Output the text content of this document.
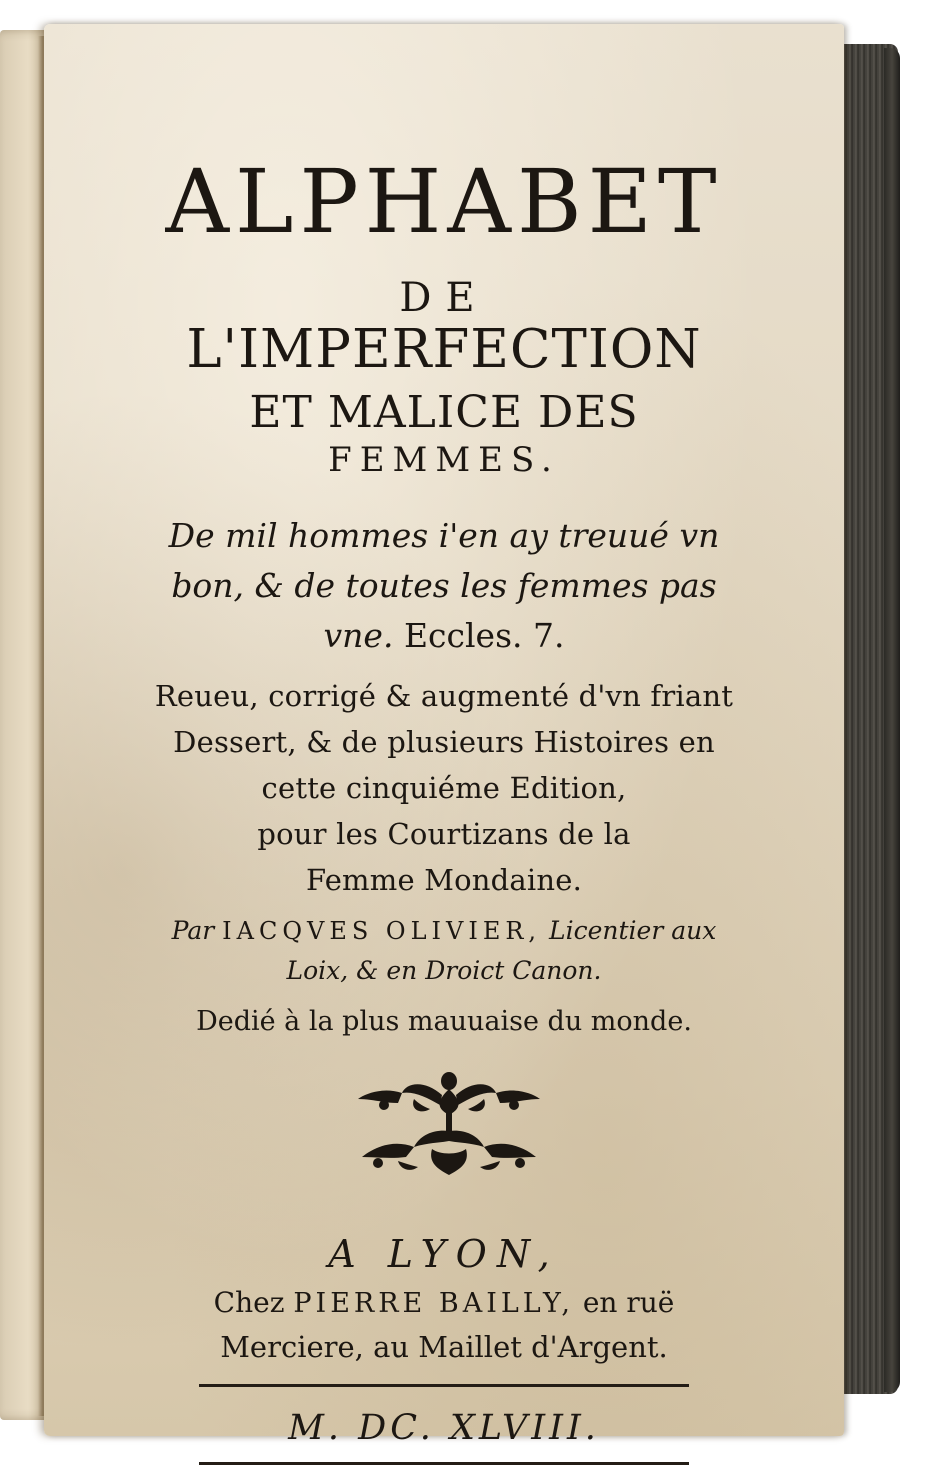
ALPHABET
DE
L'IMPERFECTION
ET MALICE DES
FEMMES.
De mil hommes i'en ay treuué vn
bon, & de toutes les femmes pas
vne. Eccles. 7.
Reueu, corrigé & augmenté d'vn friant
Dessert, & de plusieurs Histoires en
cette cinquiéme Edition,
pour les Courtizans de la
Femme Mondaine.
Par IACQVES OLIVIER, Licentier aux
Loix, & en Droict Canon.
Dedié à la plus mauuaise du monde.
A LYON,
Chez PIERRE BAILLY, en ruë
Merciere, au Maillet d'Argent.
M. DC. XLVIII.
